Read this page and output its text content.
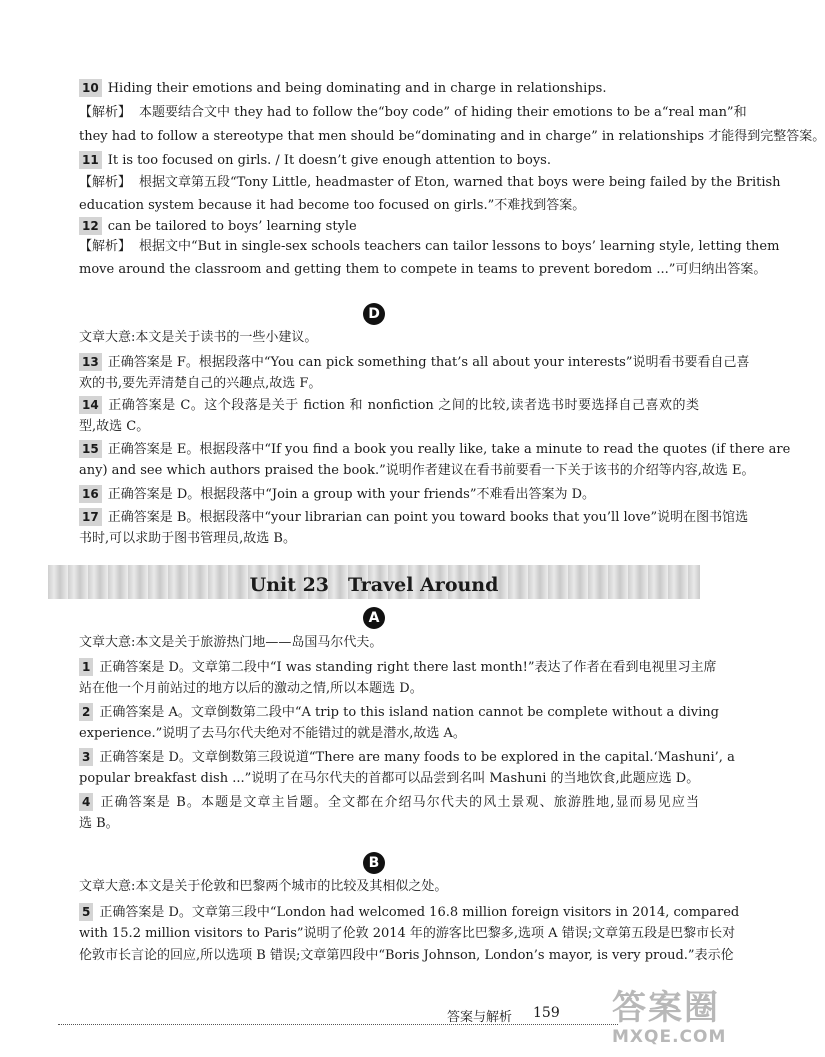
10 Hiding their emotions and being dominating and in charge in relationships.
【解析】 本题要结合文中 they had to follow the“boy code” of hiding their emotions to be a“real man”和
they had to follow a stereotype that men should be“dominating and in charge” in relationships 才能得到完整答案。
11 It is too focused on girls. / It doesn’t give enough attention to boys.
【解析】 根据文章第五段“Tony Little, headmaster of Eton, warned that boys were being failed by the British
education system because it had become too focused on girls.”不难找到答案。
12 can be tailored to boys’ learning style
【解析】 根据文中“But in single-sex schools teachers can tailor lessons to boys’ learning style, letting them
move around the classroom and getting them to compete in teams to prevent boredom ...”可归纳出答案。
D
文章大意:本文是关于读书的一些小建议。
13 正确答案是 F。根据段落中“You can pick something that’s all about your interests”说明看书要看自己喜
欢的书,要先弄清楚自己的兴趣点,故选 F。
14 正确答案是 C。这个段落是关于 fiction 和 nonfiction 之间的比较,读者选书时要选择自己喜欢的类
型,故选 C。
15 正确答案是 E。根据段落中“If you find a book you really like, take a minute to read the quotes (if there are
any) and see which authors praised the book.”说明作者建议在看书前要看一下关于该书的介绍等内容,故选 E。
16 正确答案是 D。根据段落中“Join a group with your friends”不难看出答案为 D。
17 正确答案是 B。根据段落中“your librarian can point you toward books that you’ll love”说明在图书馆选
书时,可以求助于图书管理员,故选 B。
Unit 23　Travel Around
A
文章大意:本文是关于旅游热门地——岛国马尔代夫。
1 正确答案是 D。文章第二段中“I was standing right there last month!”表达了作者在看到电视里习主席
站在他一个月前站过的地方以后的激动之情,所以本题选 D。
2 正确答案是 A。文章倒数第二段中“A trip to this island nation cannot be complete without a diving
experience.”说明了去马尔代夫绝对不能错过的就是潜水,故选 A。
3 正确答案是 D。文章倒数第三段说道“There are many foods to be explored in the capital.‘Mashuni’, a
popular breakfast dish ...”说明了在马尔代夫的首都可以品尝到名叫 Mashuni 的当地饮食,此题应选 D。
4 正确答案是 B。本题是文章主旨题。全文都在介绍马尔代夫的风土景观、旅游胜地,显而易见应当
选 B。
B
文章大意:本文是关于伦敦和巴黎两个城市的比较及其相似之处。
5 正确答案是 D。文章第三段中“London had welcomed 16.8 million foreign visitors in 2014, compared
with 15.2 million visitors to Paris”说明了伦敦 2014 年的游客比巴黎多,选项 A 错误;文章第五段是巴黎市长对
伦敦市长言论的回应,所以选项 B 错误;文章第四段中“Boris Johnson, London’s mayor, is very proud.”表示伦
答案与解析 159 答案圈
MXQE.COM
